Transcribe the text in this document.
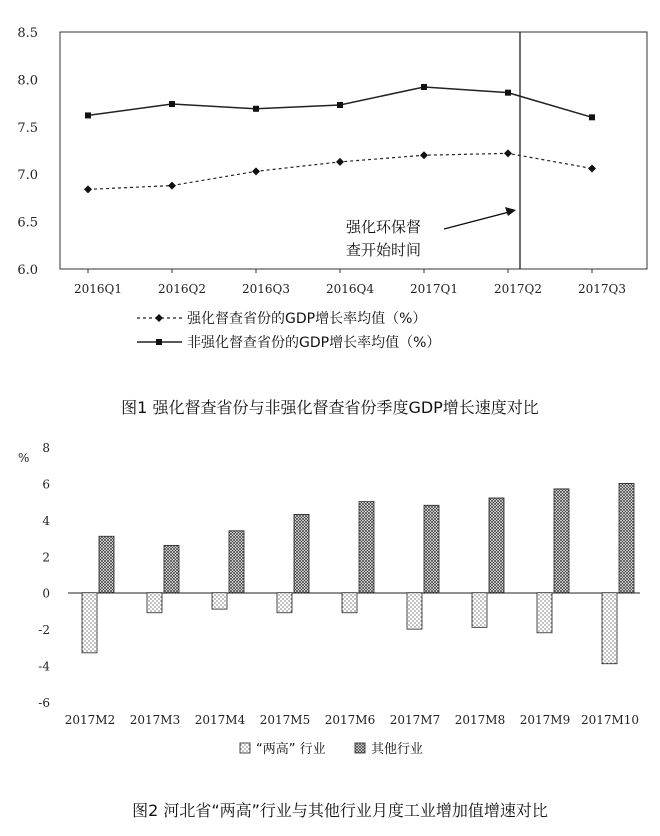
6.0
6.5
7.0
7.5
8.0
8.5
2016Q1	2016Q2	2016Q3	2016Q4	2017Q1	2017Q2	2017Q3
强化环保督
查开始时间
强化督查省份的GDP增长率均值（%）
非强化督查省份的GDP增长率均值（%）
图1 强化督查省份与非强化督查省份季度GDP增长速度对比
%
-6
-4
-2
0
2
4
6
8
2017M2 2017M3 2017M4 2017M5 2017M6 2017M7 2017M8 2017M9 2017M10
“两高” 行业	其他行业
图2 河北省“两高”行业与其他行业月度工业增加值增速对比
